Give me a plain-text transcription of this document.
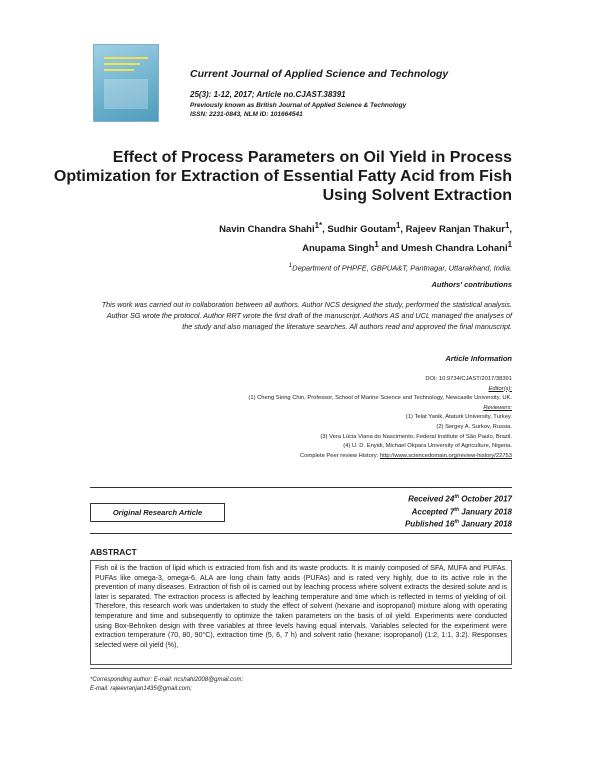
Current Journal of Applied Science and Technology
25(3): 1-12, 2017; Article no.CJAST.38391
Previously known as British Journal of Applied Science & Technology
ISSN: 2231-0843, NLM ID: 101664541
Effect of Process Parameters on Oil Yield in Process Optimization for Extraction of Essential Fatty Acid from Fish Using Solvent Extraction
Navin Chandra Shahi$^{1*}$, Sudhir Goutam$^1$, Rajeev Ranjan Thakur$^1$,
Anupama Singh$^1$ and Umesh Chandra Lohani$^1$
$^1$Department of PHPFE, GBPUA&T, Pantnagar, Uttarakhand, India.
Authors' contributions
This work was carried out in collaboration between all authors. Author NCS designed the study, performed the statistical analysis. Author SG wrote the protocol. Author RRT wrote the first draft of the manuscript. Authors AS and UCL managed the analyses of the study and also managed the literature searches. All authors read and approved the final manuscript.
Article Information
DOI: 10.9734/CJAST/2017/38391
Editor(s):
(1) Cheng Siong Chin, Professor, School of Marine Science and Technology, Newcastle University, UK.
Reviewers:
(1) Telat Yanik, Ataturk University, Turkey.
(2) Sergey A. Surkov, Russia.
(3) Vera Lúcia Viana do Nascimento, Federal Institute of São Paulo, Brazil.
(4) U. D. Enyidi, Michael Okpara University of Agriculture, Nigeria.
Complete Peer review History: http://www.sciencedomain.org/review-history/22753
Original Research Article
Received 24th October 2017
Accepted 7th January 2018
Published 16th January 2018
ABSTRACT

Fish oil is the fraction of lipid which is extracted from fish and its waste products. It is mainly composed of SFA, MUFA and PUFAs. PUFAs like omega-3, omega-6, ALA are long chain fatty acids (PUFAs) and is rated very highly, due to its active role in the prevention of many diseases. Extraction of fish oil is carried out by leaching process where solvent extracts the desired solute and is later is separated. The extraction process is affected by leaching temperature and time which is reflected in terms of yielding of oil. Therefore, this research work was undertaken to study the effect of solvent (hexane and isopropanol) mixture along with operating temperature and time and subsequently to optimize the taken parameters on the basis of oil yield. Experiments were conducted using Box-Behnken design with three variables at three levels having equal intervals. Variables selected for the experiment were extraction temperature (70, 80, 90°C), extraction time (5, 6, 7 h) and solvent ratio (hexane: isopropanol) (1:2, 1:1, 3:2). Responses selected were oil yield (%),

*Corresponding author: E-mail: ncshahi2008@gmail.com;
E-mail: rajeevranjan1435@gmail.com;
